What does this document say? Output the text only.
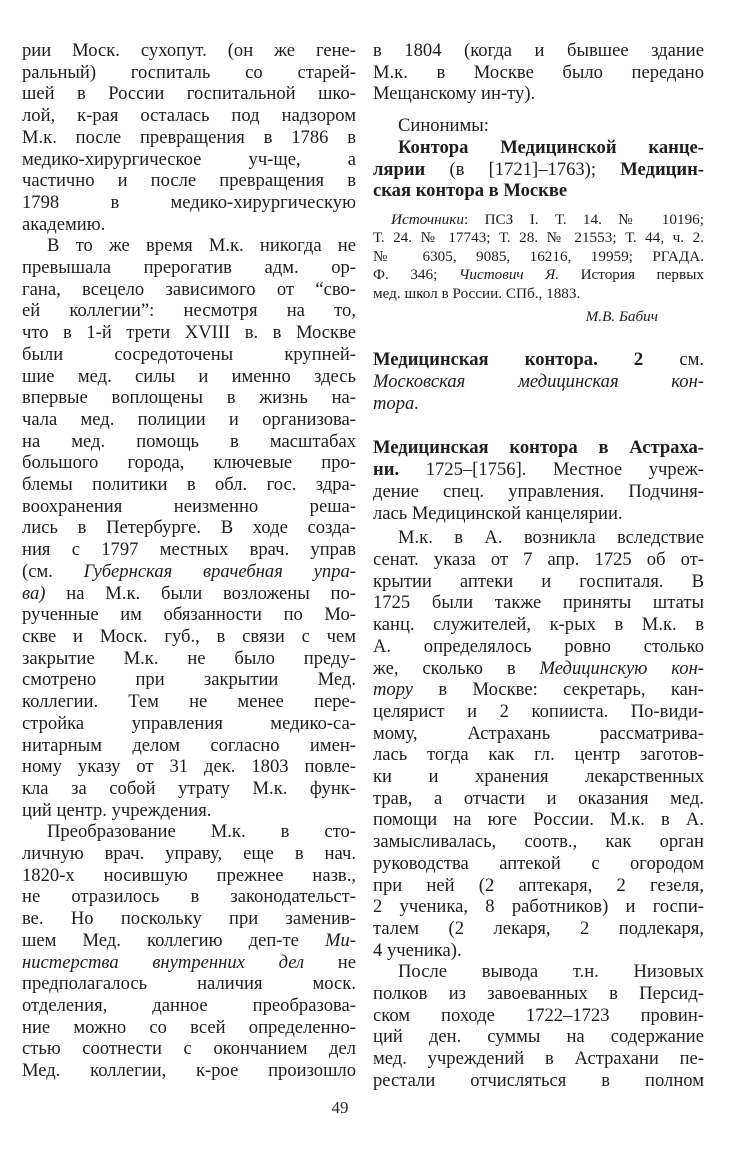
рии Моск. сухопут. (он же гене-
ральный) госпиталь со старей-
шей в России госпитальной шко-
лой, к-рая осталась под надзором
М.к. после превращения в 1786 в
медико-хирургическое уч-ще, а
частично и после превращения в
1798 в медико-хирургическую
академию.
В то же время М.к. никогда не
превышала прерогатив адм. ор-
гана, всецело зависимого от “сво-
ей коллегии”: несмотря на то,
что в 1-й трети XVIII в. в Москве
были сосредоточены крупней-
шие мед. силы и именно здесь
впервые воплощены в жизнь на-
чала мед. полиции и организова-
на мед. помощь в масштабах
большого города, ключевые про-
блемы политики в обл. гос. здра-
воохранения неизменно реша-
лись в Петербурге. В ходе созда-
ния с 1797 местных врач. управ
(см. Губернская врачебная упра-
ва) на М.к. были возложены по-
рученные им обязанности по Мо-
скве и Моск. губ., в связи с чем
закрытие М.к. не было преду-
смотрено при закрытии Мед.
коллегии. Тем не менее пере-
стройка управления медико-са-
нитарным делом согласно имен-
ному указу от 31 дек. 1803 повле-
кла за собой утрату М.к. функ-
ций центр. учреждения.
Преобразование М.к. в сто-
личную врач. управу, еще в нач.
1820-х носившую прежнее назв.,
не отразилось в законодательст-
ве. Но поскольку при заменив-
шем Мед. коллегию деп-те Ми-
нистерства внутренних дел не
предполагалось наличия моск.
отделения, данное преобразова-
ние можно со всей определенно-
стью соотнести с окончанием дел
Мед. коллегии, к-рое произошло
в 1804 (когда и бывшее здание
М.к. в Москве было передано
Мещанскому ин-ту).
Синонимы:
Контора Медицинской канце-
лярии (в [1721]–1763); Медицин-
ская контора в Москве
Источники: ПСЗ I. Т. 14. № 10196;
Т. 24. № 17743; Т. 28. № 21553; Т. 44, ч. 2.
№ 6305, 9085, 16216, 19959; РГАДА.
Ф. 346; Чистович Я. История первых
мед. школ в России. СПб., 1883.
М.В. Бабич
Медицинская контора. 2 см.
Московская медицинская кон-
тора.
Медицинская контора в Астраха-
ни. 1725–[1756]. Местное учреж-
дение спец. управления. Подчиня-
лась Медицинской канцелярии.
М.к. в А. возникла вследствие
сенат. указа от 7 апр. 1725 об от-
крытии аптеки и госпиталя. В
1725 были также приняты штаты
канц. служителей, к-рых в М.к. в
А. определялось ровно столько
же, сколько в Медицинскую кон-
тору в Москве: секретарь, кан-
целярист и 2 копииста. По-види-
мому, Астрахань рассматрива-
лась тогда как гл. центр заготов-
ки и хранения лекарственных
трав, а отчасти и оказания мед.
помощи на юге России. М.к. в А.
замысливалась, соотв., как орган
руководства аптекой с огородом
при ней (2 аптекаря, 2 гезеля,
2 ученика, 8 работников) и госпи-
талем (2 лекаря, 2 подлекаря,
4 ученика).
После вывода т.н. Низовых
полков из завоеванных в Персид-
ском походе 1722–1723 провин-
ций ден. суммы на содержание
мед. учреждений в Астрахани пе-
рестали отчисляться в полном
49
